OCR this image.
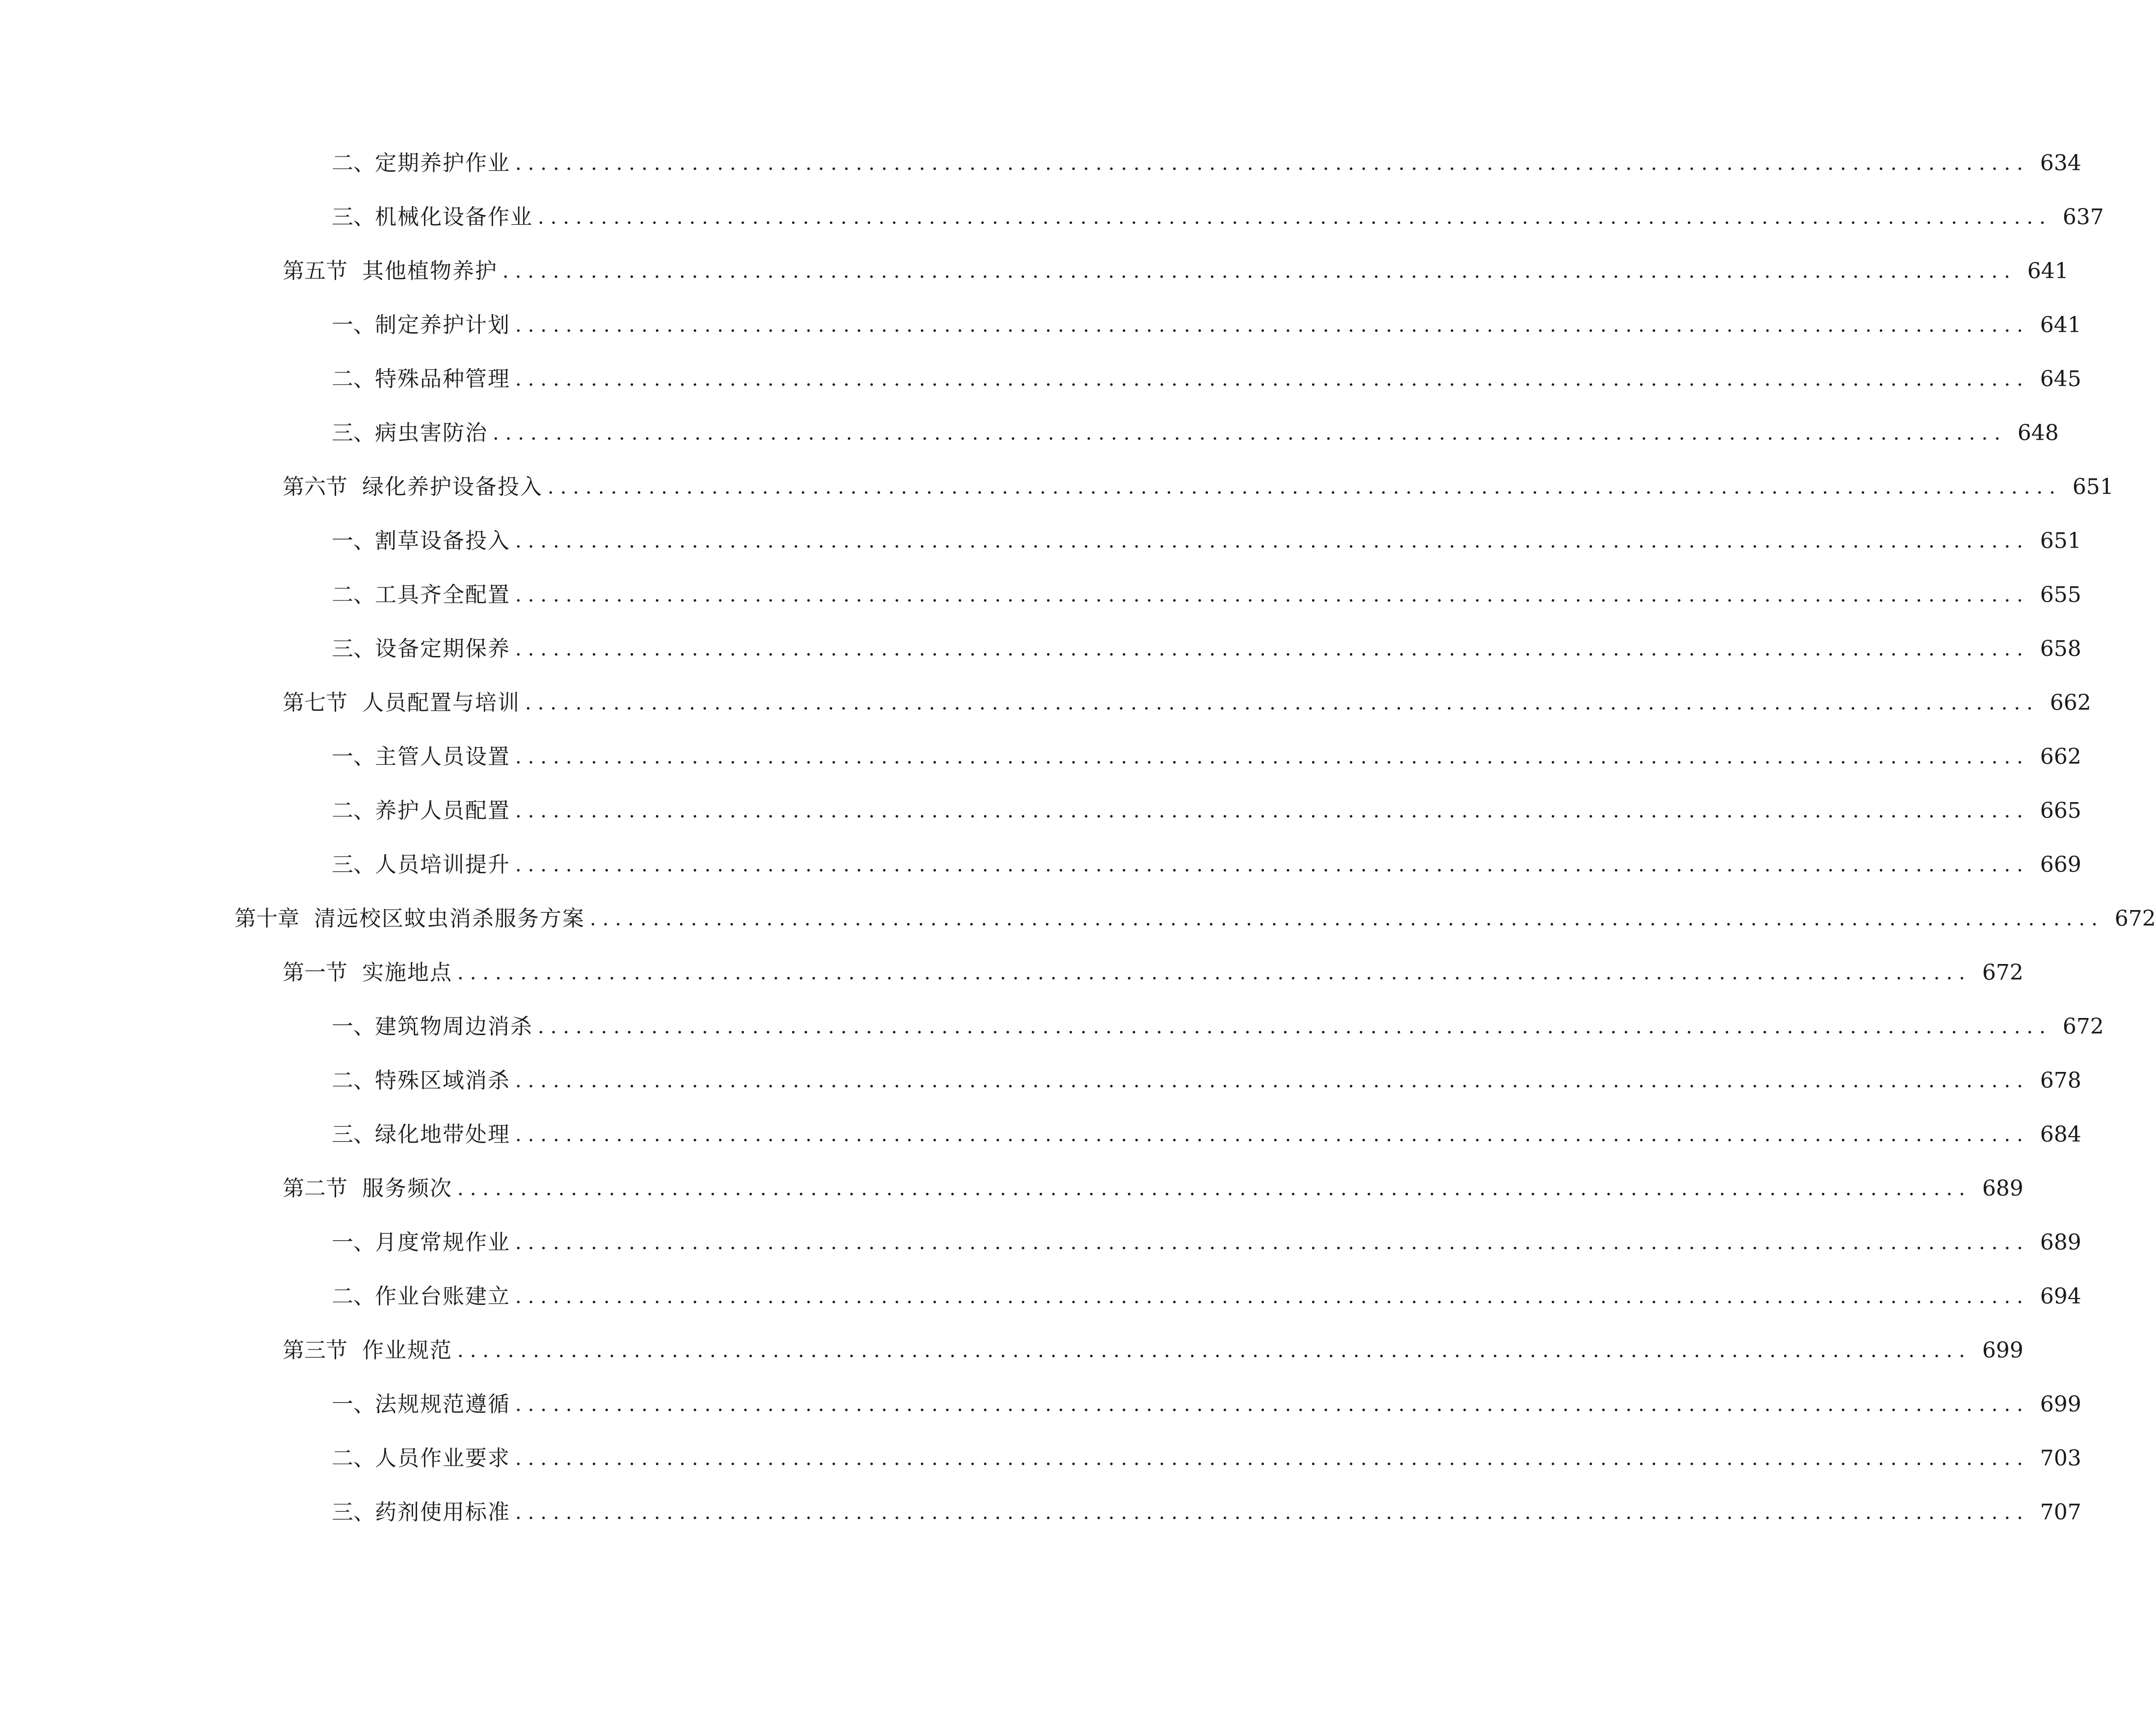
二、 定期养护作业 ........................................................................................................................ 634
三、 机械化设备作业 ........................................................................................................................ 637
第五节 其他植物养护 ........................................................................................................................ 641
一、 制定养护计划 ........................................................................................................................ 641
二、 特殊品种管理 ........................................................................................................................ 645
三、 病虫害防治 ........................................................................................................................ 648
第六节 绿化养护设备投入 ........................................................................................................................ 651
一、 割草设备投入 ........................................................................................................................ 651
二、 工具齐全配置 ........................................................................................................................ 655
三、 设备定期保养 ........................................................................................................................ 658
第七节 人员配置与培训 ........................................................................................................................ 662
一、 主管人员设置 ........................................................................................................................ 662
二、 养护人员配置 ........................................................................................................................ 665
三、 人员培训提升 ........................................................................................................................ 669
第十章 清远校区蚊虫消杀服务方案 ........................................................................................................................ 672
第一节 实施地点 ........................................................................................................................ 672
一、 建筑物周边消杀 ........................................................................................................................ 672
二、 特殊区域消杀 ........................................................................................................................ 678
三、 绿化地带处理 ........................................................................................................................ 684
第二节 服务频次 ........................................................................................................................ 689
一、 月度常规作业 ........................................................................................................................ 689
二、 作业台账建立 ........................................................................................................................ 694
第三节 作业规范 ........................................................................................................................ 699
一、 法规规范遵循 ........................................................................................................................ 699
二、 人员作业要求 ........................................................................................................................ 703
三、 药剂使用标准 ........................................................................................................................ 707
